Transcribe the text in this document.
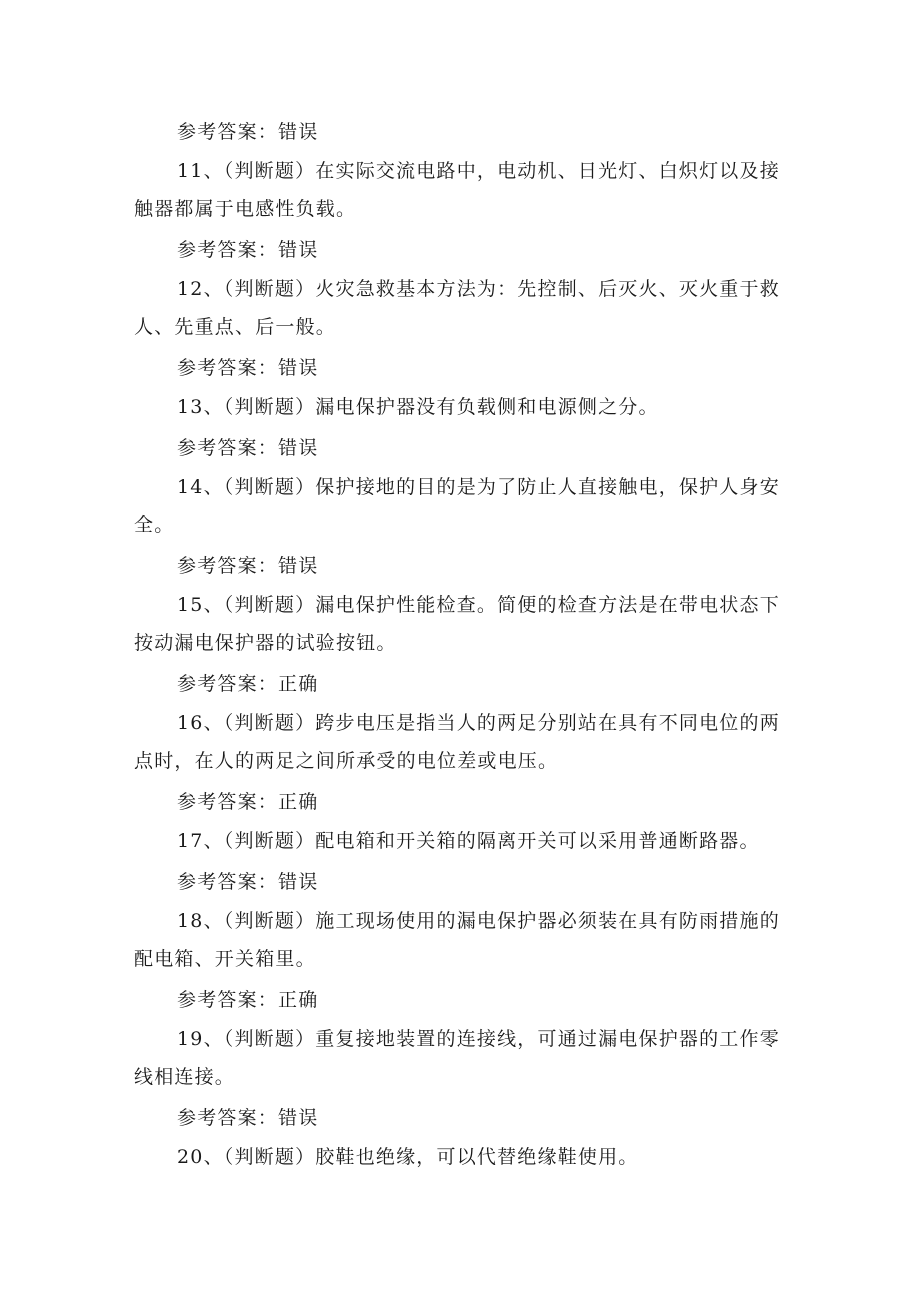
参考答案：错误
11、（判断题）在实际交流电路中，电动机、日光灯、白炽灯以及接
触器都属于电感性负载。
参考答案：错误
12、（判断题）火灾急救基本方法为：先控制、后灭火、灭火重于救
人、先重点、后一般。
参考答案：错误
13、（判断题）漏电保护器没有负载侧和电源侧之分。
参考答案：错误
14、（判断题）保护接地的目的是为了防止人直接触电，保护人身安
全。
参考答案：错误
15、（判断题）漏电保护性能检查。简便的检查方法是在带电状态下
按动漏电保护器的试验按钮。
参考答案：正确
16、（判断题）跨步电压是指当人的两足分别站在具有不同电位的两
点时，在人的两足之间所承受的电位差或电压。
参考答案：正确
17、（判断题）配电箱和开关箱的隔离开关可以采用普通断路器。
参考答案：错误
18、（判断题）施工现场使用的漏电保护器必须装在具有防雨措施的
配电箱、开关箱里。
参考答案：正确
19、（判断题）重复接地装置的连接线，可通过漏电保护器的工作零
线相连接。
参考答案：错误
20、（判断题）胶鞋也绝缘，可以代替绝缘鞋使用。
